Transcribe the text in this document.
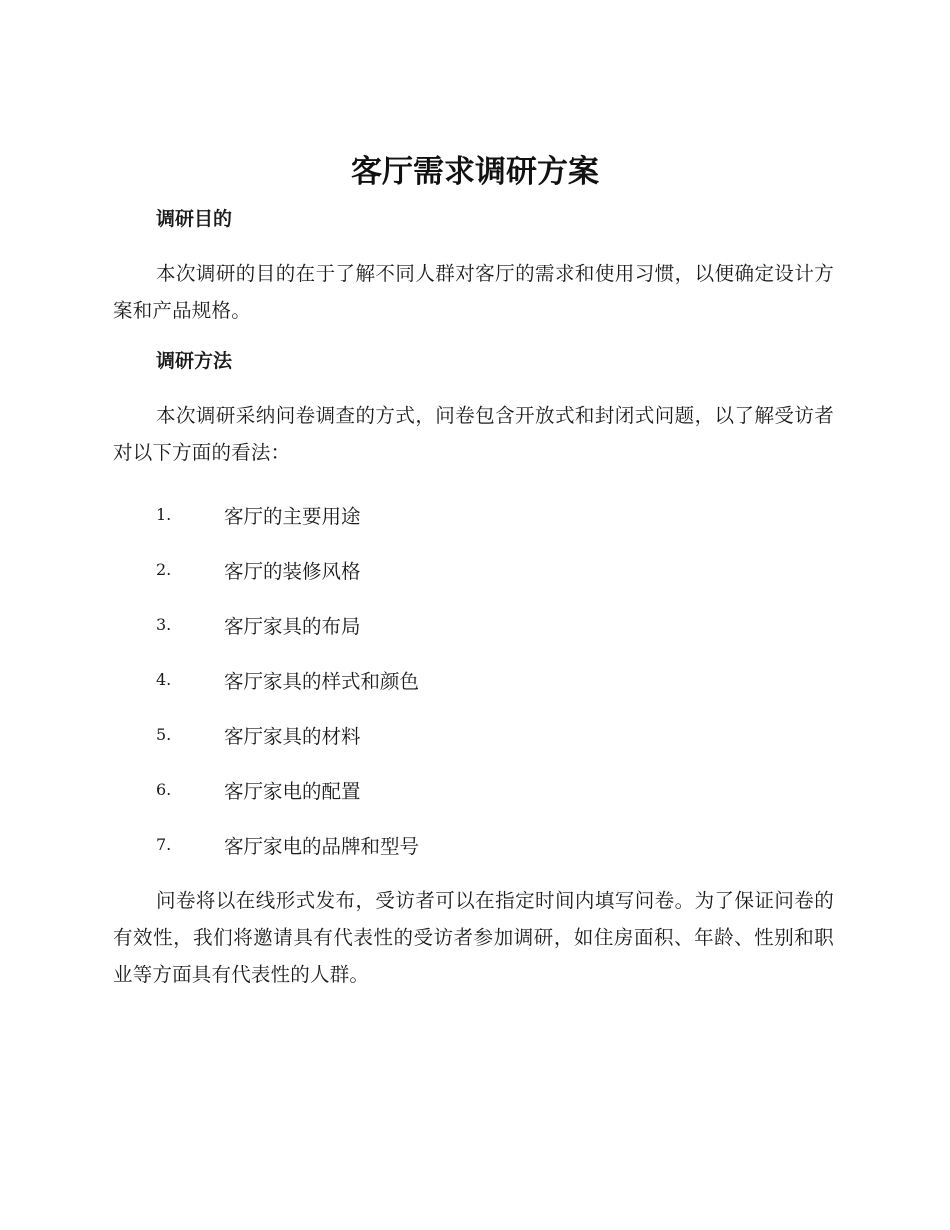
客厅需求调研方案
调研目的

本次调研的目的在于了解不同人群对客厅的需求和使用习惯，以便确定设计方案和产品规格。

调研方法

本次调研采纳问卷调查的方式，问卷包含开放式和封闭式问题，以了解受访者对以下方面的看法：

1.	客厅的主要用途
2.	客厅的装修风格
3.	客厅家具的布局
4.	客厅家具的样式和颜色
5.	客厅家具的材料
6.	客厅家电的配置
7.	客厅家电的品牌和型号

问卷将以在线形式发布，受访者可以在指定时间内填写问卷。为了保证问卷的有效性，我们将邀请具有代表性的受访者参加调研，如住房面积、年龄、性别和职业等方面具有代表性的人群。
